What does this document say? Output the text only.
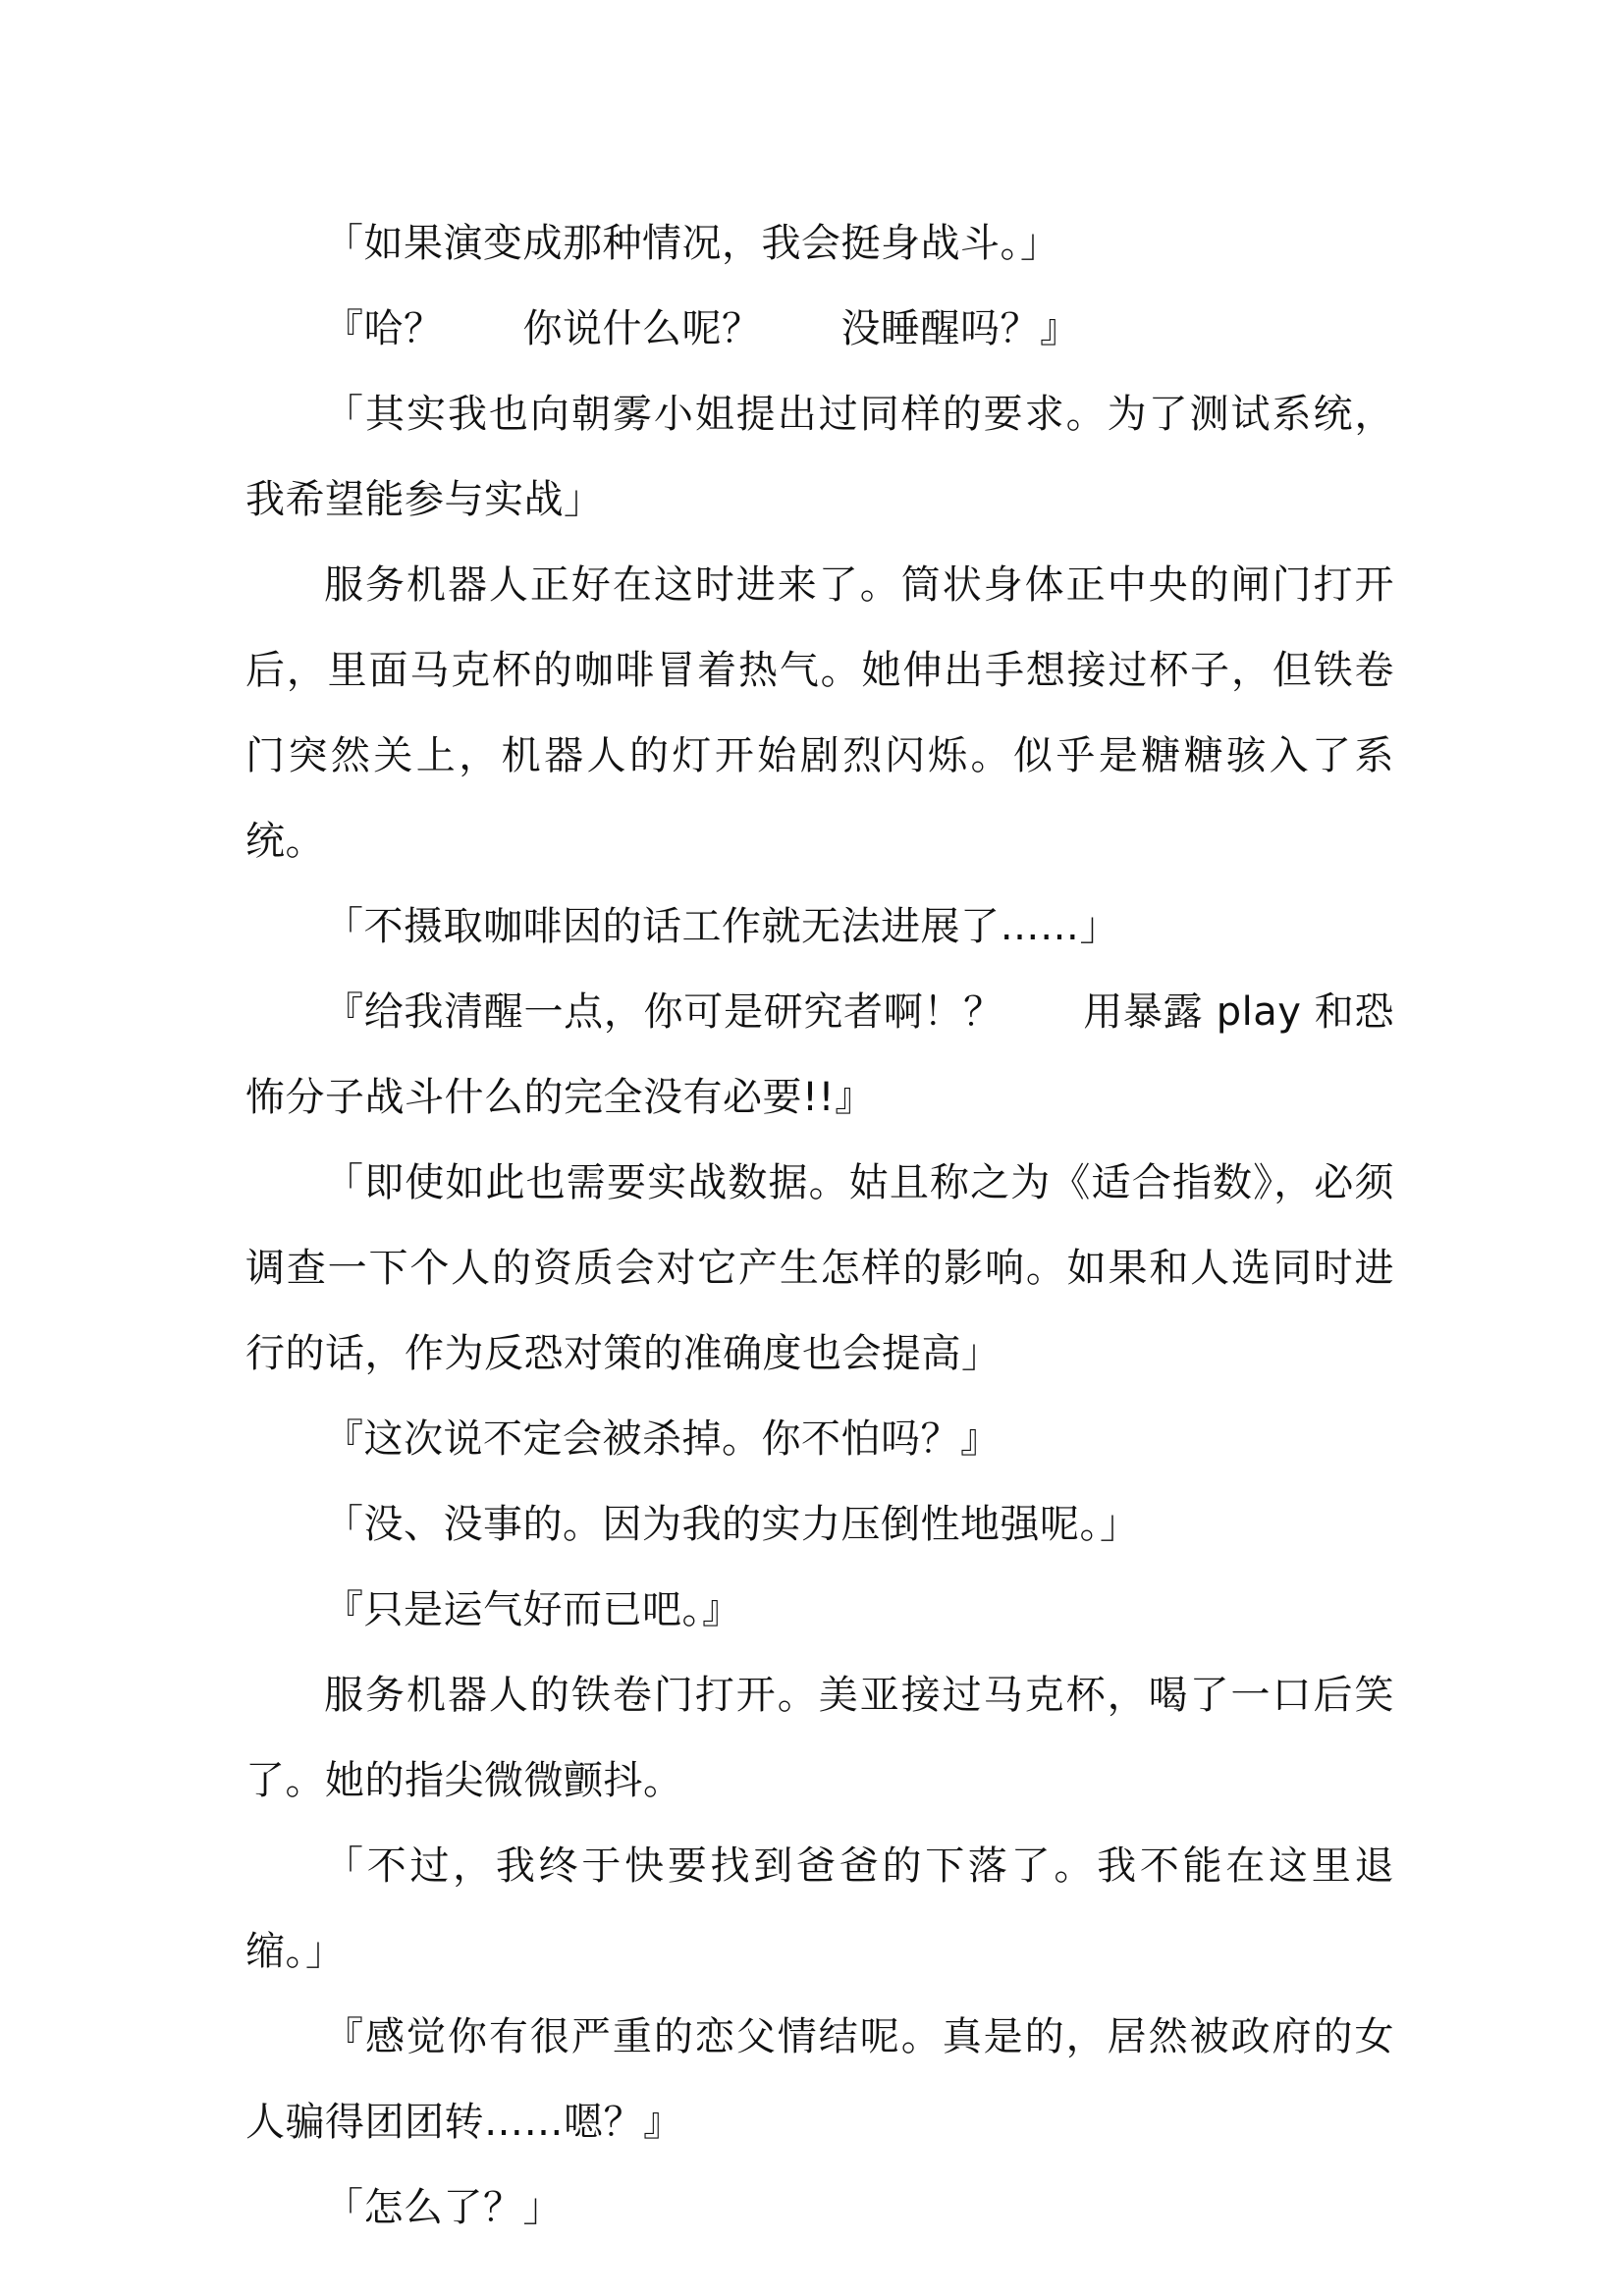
「如果演变成那种情况，我会挺身战斗。」

『哈？　　你说什么呢？　　没睡醒吗？』

「其实我也向朝雾小姐提出过同样的要求。为了测试系统，我希望能参与实战」

服务机器人正好在这时进来了。筒状身体正中央的闸门打开后，里面马克杯的咖啡冒着热气。她伸出手想接过杯子，但铁卷门突然关上，机器人的灯开始剧烈闪烁。似乎是糖糖骇入了系统。

「不摄取咖啡因的话工作就无法进展了……」

『给我清醒一点，你可是研究者啊！？　　用暴露 play 和恐怖分子战斗什么的完全没有必要!!』

「即使如此也需要实战数据。姑且称之为《适合指数》，必须调查一下个人的资质会对它产生怎样的影响。如果和人选同时进行的话，作为反恐对策的准确度也会提高」

『这次说不定会被杀掉。你不怕吗？』

「没、没事的。因为我的实力压倒性地强呢。」

『只是运气好而已吧。』

服务机器人的铁卷门打开。美亚接过马克杯，喝了一口后笑了。她的指尖微微颤抖。

「不过，我终于快要找到爸爸的下落了。我不能在这里退缩。」

『感觉你有很严重的恋父情结呢。真是的，居然被政府的女人骗得团团转……嗯？』

「怎么了？」
